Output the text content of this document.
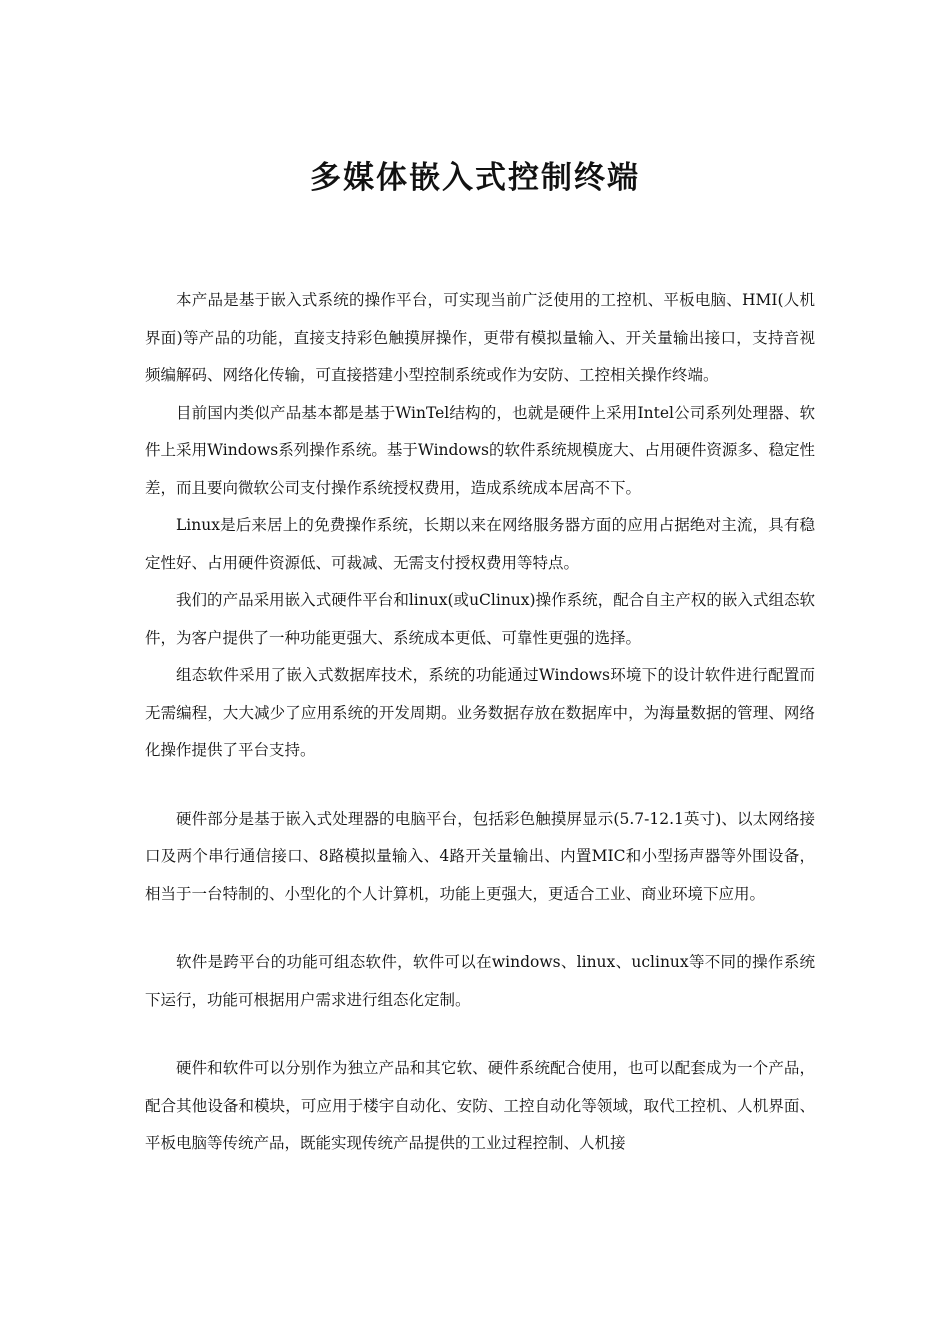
多媒体嵌入式控制终端

本产品是基于嵌入式系统的操作平台，可实现当前广泛使用的工控机、平板电脑、HMI(人机界面)等产品的功能，直接支持彩色触摸屏操作，更带有模拟量输入、开关量输出接口，支持音视频编解码、网络化传输，可直接搭建小型控制系统或作为安防、工控相关操作终端。

目前国内类似产品基本都是基于WinTel结构的，也就是硬件上采用Intel公司系列处理器、软件上采用Windows系列操作系统。基于Windows的软件系统规模庞大、占用硬件资源多、稳定性差，而且要向微软公司支付操作系统授权费用，造成系统成本居高不下。

Linux是后来居上的免费操作系统，长期以来在网络服务器方面的应用占据绝对主流，具有稳定性好、占用硬件资源低、可裁减、无需支付授权费用等特点。

我们的产品采用嵌入式硬件平台和linux(或uClinux)操作系统，配合自主产权的嵌入式组态软件，为客户提供了一种功能更强大、系统成本更低、可靠性更强的选择。

组态软件采用了嵌入式数据库技术，系统的功能通过Windows环境下的设计软件进行配置而无需编程，大大减少了应用系统的开发周期。业务数据存放在数据库中，为海量数据的管理、网络化操作提供了平台支持。

硬件部分是基于嵌入式处理器的电脑平台，包括彩色触摸屏显示(5.7-12.1英寸)、以太网络接口及两个串行通信接口、8路模拟量输入、4路开关量输出、内置MIC和小型扬声器等外围设备，相当于一台特制的、小型化的个人计算机，功能上更强大，更适合工业、商业环境下应用。

软件是跨平台的功能可组态软件，软件可以在windows、linux、uclinux等不同的操作系统下运行，功能可根据用户需求进行组态化定制。

硬件和软件可以分别作为独立产品和其它软、硬件系统配合使用，也可以配套成为一个产品，配合其他设备和模块，可应用于楼宇自动化、安防、工控自动化等领域，取代工控机、人机界面、平板电脑等传统产品，既能实现传统产品提供的工业过程控制、人机接
